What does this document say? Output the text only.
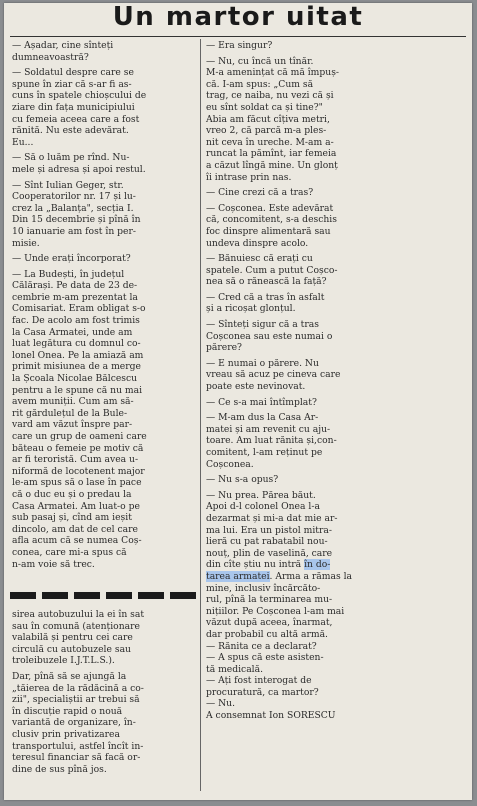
Un martor uitat
— Așadar, cine sînteți
dumneavoastră?
— Soldatul despre care se
spune în ziar că s-ar fi as-
cuns în spatele chioșcului de
ziare din fața municipiului
cu femeia aceea care a fost
rănită. Nu este adevărat.
Eu...
— Să o luăm pe rînd. Nu-
mele și adresa și apoi restul.
— Sînt Iulian Geger, str.
Cooperatorilor nr. 17 și lu-
crez la „Balanța", secția I.
Din 15 decembrie și pînă în
10 ianuarie am fost în per-
misie.
— Unde erați încorporat?
— La Budești, în județul
Călărași. Pe data de 23 de-
cembrie m-am prezentat la
Comisariat. Eram obligat s-o
fac. De acolo am fost trimis
la Casa Armatei, unde am
luat legătura cu domnul co-
lonel Onea. Pe la amiază am
primit misiunea de a merge
la Școala Nicolae Bălcescu
pentru a le spune că nu mai
avem muniții. Cum am să-
rit gărdulețul de la Bule-
vard am văzut înspre par-
care un grup de oameni care
băteau o femeie pe motiv că
ar fi teroristă. Cum avea u-
niformă de locotenent major
le-am spus să o lase în pace
că o duc eu și o predau la
Casa Armatei. Am luat-o pe
sub pasaj și, cînd am ieșit
dincolo, am dat de cel care
afla acum că se numea Coș-
conea, care mi-a spus că
n-am voie să trec.
sirea autobuzului la ei în sat
sau în comună (atenționare
valabilă și pentru cei care
circulă cu autobuzele sau
troleibuzele I.J.T.L.S.).
Dar, pînă să se ajungă la
„tăierea de la rădăcină a co-
zii", specialiștii ar trebui să
în discuție rapid o nouă
variantă de organizare, în-
clusiv prin privatizarea
transportului, astfel încît in-
teresul financiar să facă or-
dine de sus pînă jos.
— Era singur?
— Nu, cu încă un tînăr.
M-a amenințat că mă împuș-
că. I-am spus: „Cum să
trag, ce naiba, nu vezi că și
eu sînt soldat ca și tine?"
Abia am făcut cîțiva metri,
vreo 2, că parcă m-a ples-
nit ceva în ureche. M-am a-
runcat la pămînt, iar femeia
a căzut lîngă mine. Un glonț
îi intrase prin nas.
— Cine crezi că a tras?
— Coșconea. Este adevărat
că, concomitent, s-a deschis
foc dinspre alimentară sau
undeva dinspre acolo.
— Bănuiesc că erați cu
spatele. Cum a putut Coșco-
nea să o rănească la față?
— Cred că a tras în asfalt
și a ricoșat glonțul.
— Sînteți sigur că a tras
Coșconea sau este numai o
părere?
— E numai o părere. Nu
vreau să acuz pe cineva care
poate este nevinovat.
— Ce s-a mai întîmplat?
— M-am dus la Casa Ar-
matei și am revenit cu aju-
toare. Am luat rănita și,con-
comitent, l-am reținut pe
Coșconea.
— Nu s-a opus?
— Nu prea. Părea băut.
Apoi d-l colonel Onea l-a
dezarmat și mi-a dat mie ar-
ma lui. Era un pistol mitra-
lieră cu pat rabatabil nou-
nouț, plin de vaselină, care
din cîte știu nu intră în do-
tarea armatei. Arma a rămas la
mine, inclusiv încărcăto-
rul, pînă la terminarea mu-
nițiilor. Pe Coșconea l-am mai
văzut după aceea, înarmat,
dar probabil cu altă armă.
— Rănita ce a declarat?
— A spus că este asisten-
tă medicală.
— Ați fost interogat de
procuratură, ca martor?
— Nu.
A consemnat Ion SORESCU
